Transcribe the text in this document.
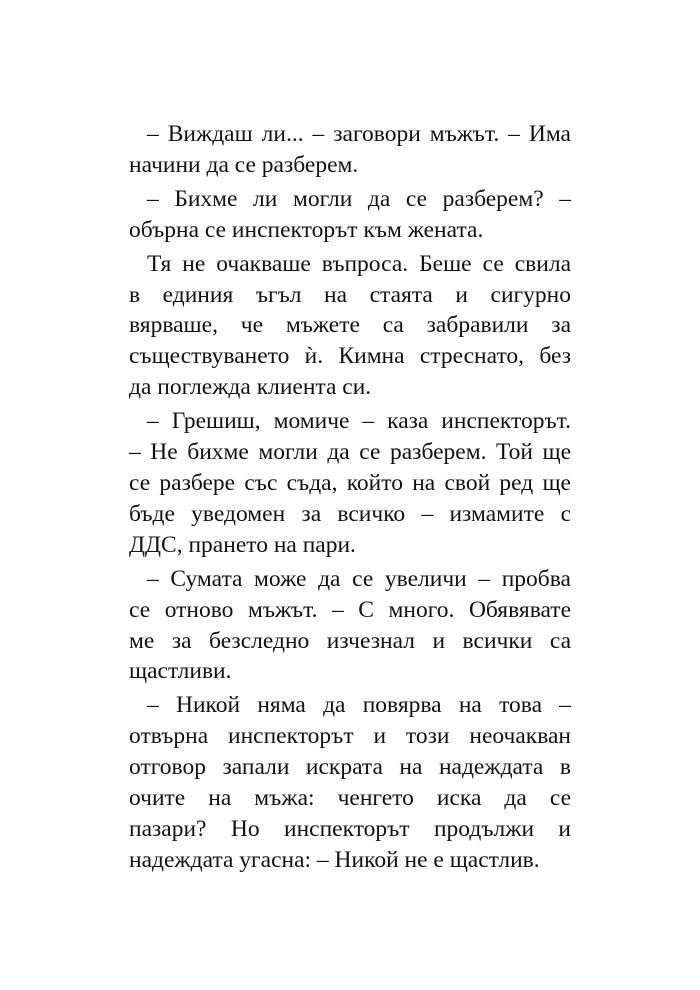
– Виждаш ли... – заговори мъжът. – Има
начини да се разберем.

– Бихме ли могли да се разберем? –
обърна се инспекторът към жената.

Тя не очакваше въпроса. Беше се свила
в единия ъгъл на стаята и сигурно
вярваше, че мъжете са забравили за
съществуването ѝ. Кимна стреснато, без
да поглежда клиента си.

– Грешиш, момиче – каза инспекторът.
– Не бихме могли да се разберем. Той ще
се разбере със съда, който на свой ред ще
бъде уведомен за всичко – измамите с
ДДС, прането на пари.

– Сумата може да се увеличи – пробва
се отново мъжът. – С много. Обявявате
ме за безследно изчезнал и всички са
щастливи.

– Никой няма да повярва на това –
отвърна инспекторът и този неочакван
отговор запали искрата на надеждата в
очите на мъжа: ченгето иска да се
пазари? Но инспекторът продължи и
надеждата угасна: – Никой не е щастлив.
